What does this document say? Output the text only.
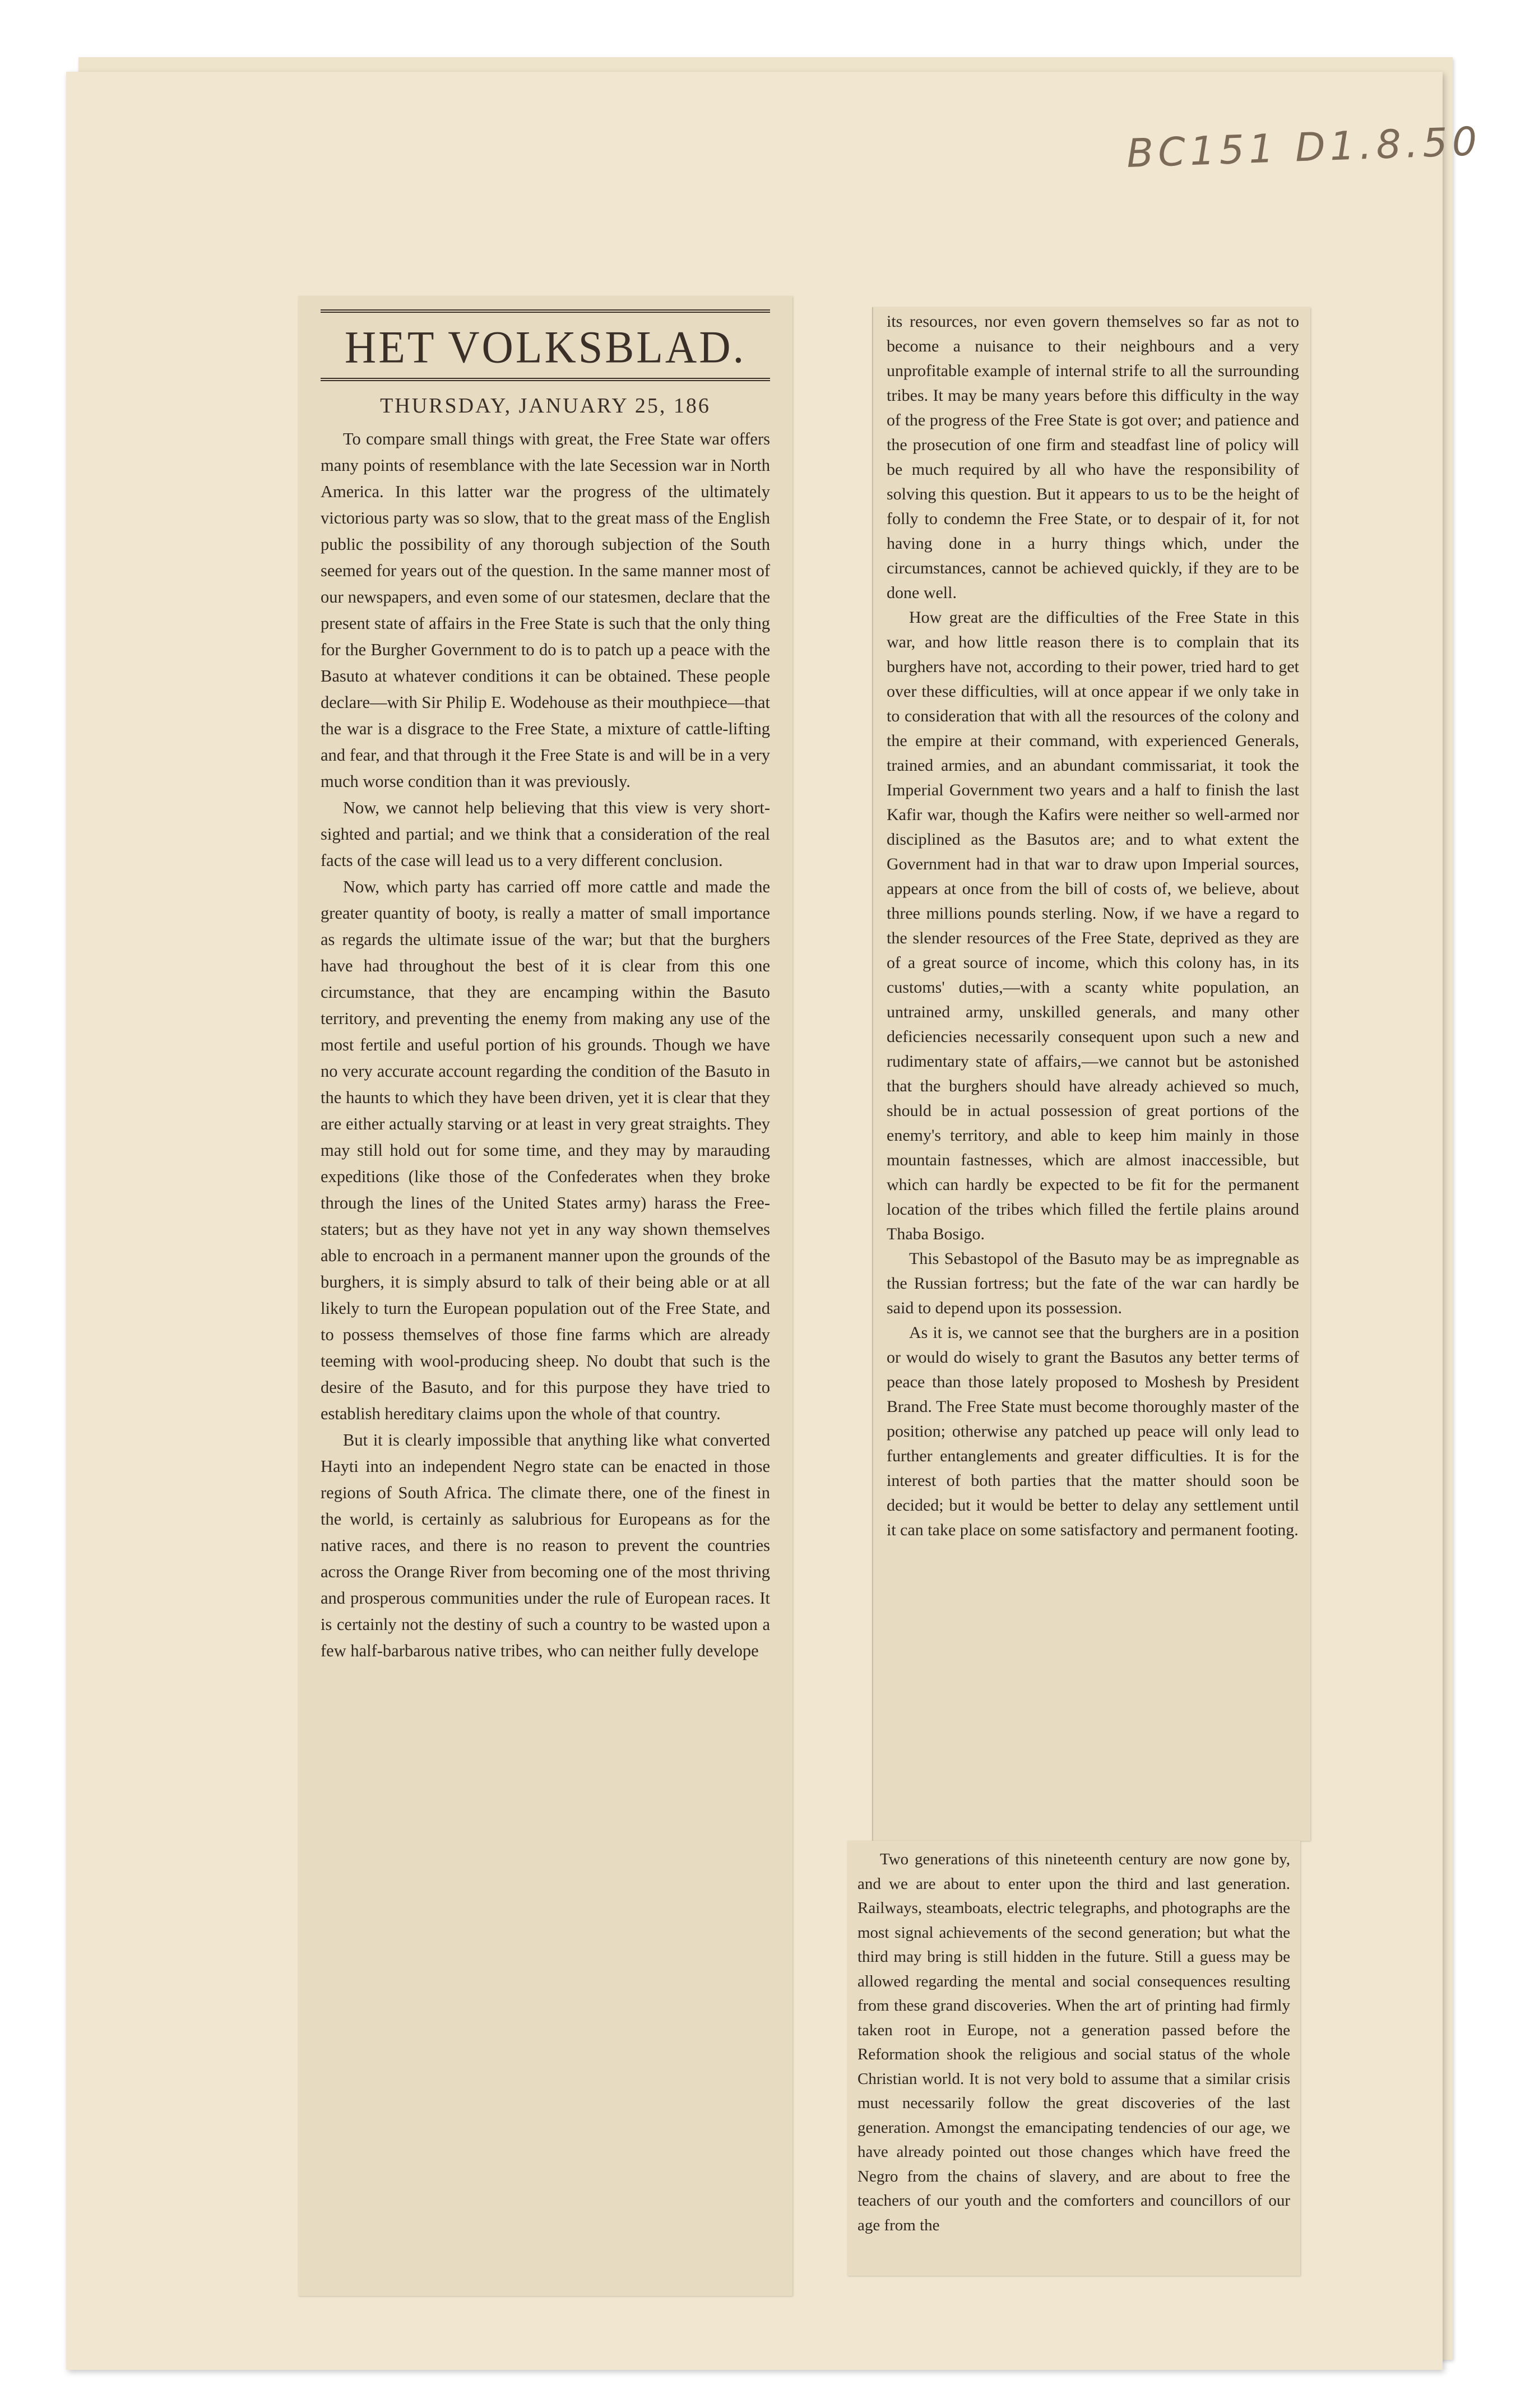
BC151 D1.8.50
HET VOLKSBLAD.
THURSDAY, JANUARY 25, 186

To compare small things with great, the Free State war offers many points of resemblance with the late Secession war in North America. In this latter war the progress of the ultimately victorious party was so slow, that to the great mass of the English public the possibility of any thorough subjection of the South seemed for years out of the question. In the same manner most of our newspapers, and even some of our statesmen, declare that the present state of affairs in the Free State is such that the only thing for the Burgher Government to do is to patch up a peace with the Basuto at whatever conditions it can be obtained. These people declare—with Sir Philip E. Wodehouse as their mouthpiece—that the war is a disgrace to the Free State, a mixture of cattle-lifting and fear, and that through it the Free State is and will be in a very much worse condition than it was previously.

Now, we cannot help believing that this view is very short-sighted and partial; and we think that a consideration of the real facts of the case will lead us to a very different conclusion.

Now, which party has carried off more cattle and made the greater quantity of booty, is really a matter of small importance as regards the ultimate issue of the war; but that the burghers have had throughout the best of it is clear from this one circumstance, that they are encamping within the Basuto territory, and preventing the enemy from making any use of the most fertile and useful portion of his grounds. Though we have no very accurate account regarding the condition of the Basuto in the haunts to which they have been driven, yet it is clear that they are either actually starving or at least in very great straights. They may still hold out for some time, and they may by marauding expeditions (like those of the Confederates when they broke through the lines of the United States army) harass the Free-staters; but as they have not yet in any way shown themselves able to encroach in a permanent manner upon the grounds of the burghers, it is simply absurd to talk of their being able or at all likely to turn the European population out of the Free State, and to possess themselves of those fine farms which are already teeming with wool-producing sheep. No doubt that such is the desire of the Basuto, and for this purpose they have tried to establish hereditary claims upon the whole of that country.

But it is clearly impossible that anything like what converted Hayti into an independent Negro state can be enacted in those regions of South Africa. The climate there, one of the finest in the world, is certainly as salubrious for Europeans as for the native races, and there is no reason to prevent the countries across the Orange River from becoming one of the most thriving and prosperous communities under the rule of European races. It is certainly not the destiny of such a country to be wasted upon a few half-barbarous native tribes, who can neither fully develope

its resources, nor even govern themselves so far as not to become a nuisance to their neighbours and a very unprofitable example of internal strife to all the surrounding tribes. It may be many years before this difficulty in the way of the progress of the Free State is got over; and patience and the prosecution of one firm and steadfast line of policy will be much required by all who have the responsibility of solving this question. But it appears to us to be the height of folly to condemn the Free State, or to despair of it, for not having done in a hurry things which, under the circumstances, cannot be achieved quickly, if they are to be done well.

How great are the difficulties of the Free State in this war, and how little reason there is to complain that its burghers have not, according to their power, tried hard to get over these difficulties, will at once appear if we only take in to consideration that with all the resources of the colony and the empire at their command, with experienced Generals, trained armies, and an abundant commissariat, it took the Imperial Government two years and a half to finish the last Kafir war, though the Kafirs were neither so well-armed nor disciplined as the Basutos are; and to what extent the Government had in that war to draw upon Imperial sources, appears at once from the bill of costs of, we believe, about three millions pounds sterling. Now, if we have a regard to the slender resources of the Free State, deprived as they are of a great source of income, which this colony has, in its customs' duties,—with a scanty white population, an untrained army, unskilled generals, and many other deficiencies necessarily consequent upon such a new and rudimentary state of affairs,—we cannot but be astonished that the burghers should have already achieved so much, should be in actual possession of great portions of the enemy's territory, and able to keep him mainly in those mountain fastnesses, which are almost inaccessible, but which can hardly be expected to be fit for the permanent location of the tribes which filled the fertile plains around Thaba Bosigo.

This Sebastopol of the Basuto may be as impregnable as the Russian fortress; but the fate of the war can hardly be said to depend upon its possession.

As it is, we cannot see that the burghers are in a position or would do wisely to grant the Basutos any better terms of peace than those lately proposed to Moshesh by President Brand. The Free State must become thoroughly master of the position; otherwise any patched up peace will only lead to further entanglements and greater difficulties. It is for the interest of both parties that the matter should soon be decided; but it would be better to delay any settlement until it can take place on some satisfactory and permanent footing.

Two generations of this nineteenth century are now gone by, and we are about to enter upon the third and last generation. Railways, steamboats, electric telegraphs, and photographs are the most signal achievements of the second generation; but what the third may bring is still hidden in the future. Still a guess may be allowed regarding the mental and social consequences resulting from these grand discoveries. When the art of printing had firmly taken root in Europe, not a generation passed before the Reformation shook the religious and social status of the whole Christian world. It is not very bold to assume that a similar crisis must necessarily follow the great discoveries of the last generation. Amongst the emancipating tendencies of our age, we have already pointed out those changes which have freed the Negro from the chains of slavery, and are about to free the teachers of our youth and the comforters and councillors of our age from the
